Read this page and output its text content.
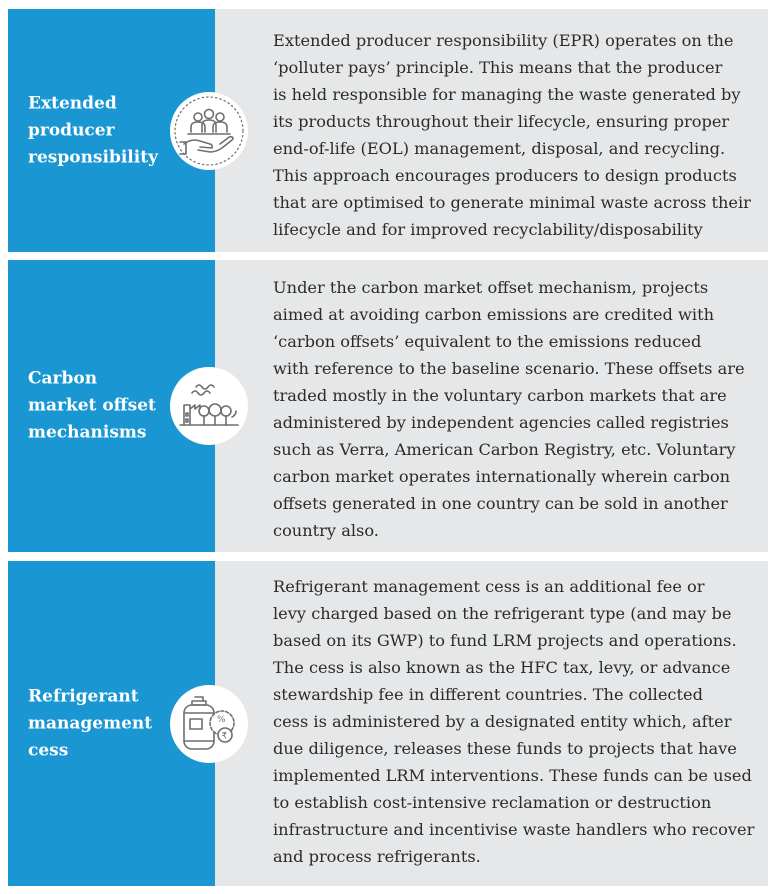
Extended
producer
responsibility
Extended producer responsibility (EPR) operates on the
‘polluter pays’ principle. This means that the producer
is held responsible for managing the waste generated by
its products throughout their lifecycle, ensuring proper
end-of-life (EOL) management, disposal, and recycling.
This approach encourages producers to design products
that are optimised to generate minimal waste across their
lifecycle and for improved recyclability/disposability
Carbon
market offset
mechanisms
Under the carbon market offset mechanism, projects
aimed at avoiding carbon emissions are credited with
‘carbon offsets’ equivalent to the emissions reduced
with reference to the baseline scenario. These offsets are
traded mostly in the voluntary carbon markets that are
administered by independent agencies called registries
such as Verra, American Carbon Registry, etc. Voluntary
carbon market operates internationally wherein carbon
offsets generated in one country can be sold in another
country also.
Refrigerant
management
cess
%
₹
Refrigerant management cess is an additional fee or
levy charged based on the refrigerant type (and may be
based on its GWP) to fund LRM projects and operations.
The cess is also known as the HFC tax, levy, or advance
stewardship fee in different countries. The collected
cess is administered by a designated entity which, after
due diligence, releases these funds to projects that have
implemented LRM interventions. These funds can be used
to establish cost-intensive reclamation or destruction
infrastructure and incentivise waste handlers who recover
and process refrigerants.
